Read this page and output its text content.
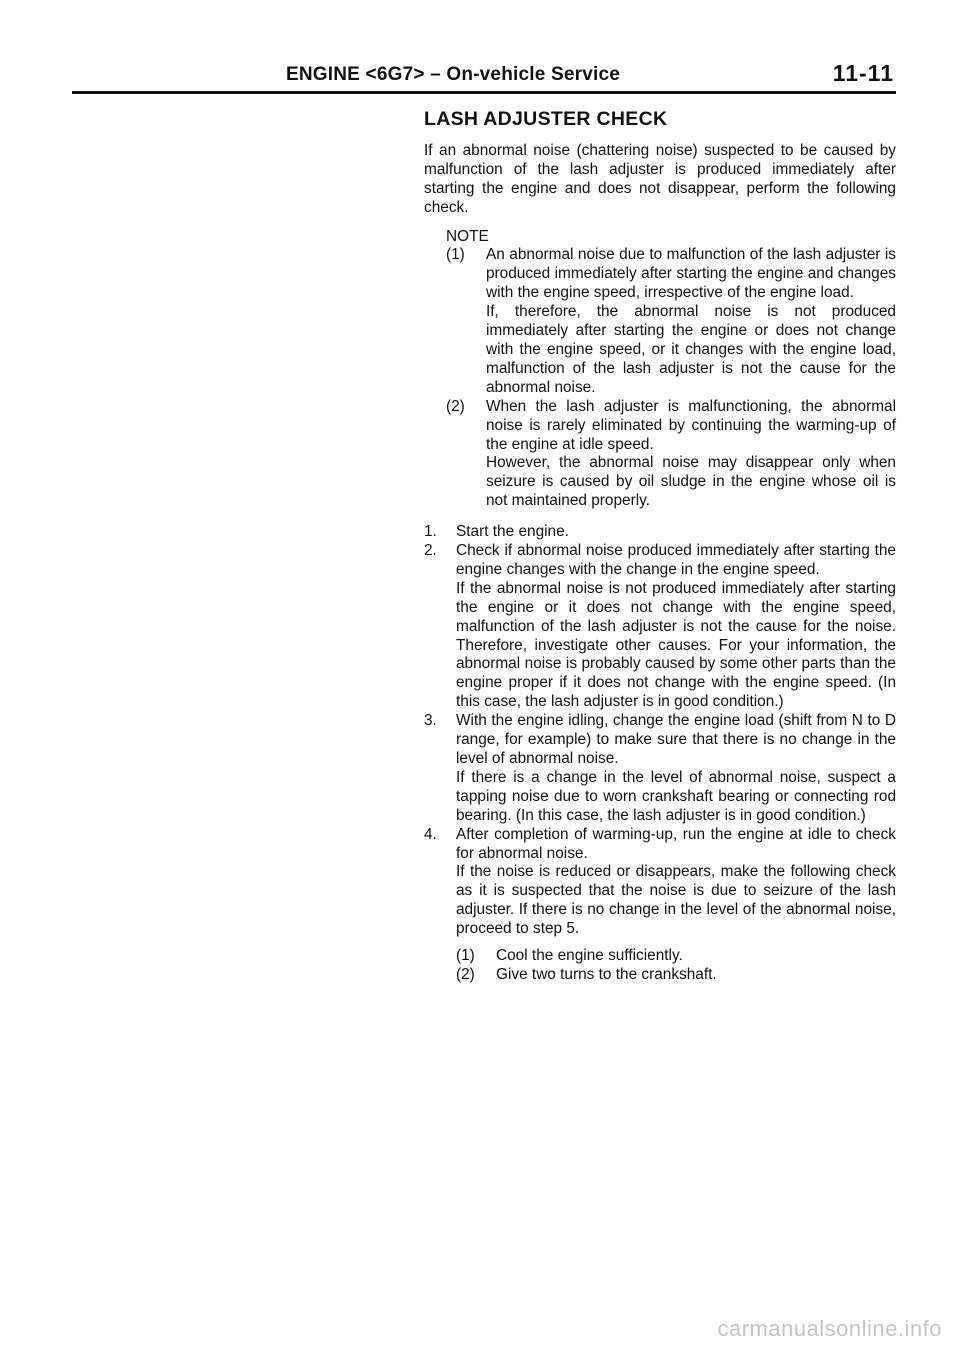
ENGINE <6G7> – On-vehicle Service	11-11
LASH ADJUSTER CHECK

If an abnormal noise (chattering noise) suspected to be caused by malfunction of the lash adjuster is produced immediately after starting the engine and does not disappear, perform the following check.

NOTE

(1)	An abnormal noise due to malfunction of the lash adjuster is produced immediately after starting the engine and changes with the engine speed, irrespective of the engine load.

If, therefore, the abnormal noise is not produced immediately after starting the engine or does not change with the engine speed, or it changes with the engine load, malfunction of the lash adjuster is not the cause for the abnormal noise.

(2)	When the lash adjuster is malfunctioning, the abnormal noise is rarely eliminated by continuing the warming-up of the engine at idle speed.

However, the abnormal noise may disappear only when seizure is caused by oil sludge in the engine whose oil is not maintained properly.

1.	Start the engine.

2.	Check if abnormal noise produced immediately after starting the engine changes with the change in the engine speed.

If the abnormal noise is not produced immediately after starting the engine or it does not change with the engine speed, malfunction of the lash adjuster is not the cause for the noise. Therefore, investigate other causes. For your information, the abnormal noise is probably caused by some other parts than the engine proper if it does not change with the engine speed. (In this case, the lash adjuster is in good condition.)

3.	With the engine idling, change the engine load (shift from N to D range, for example) to make sure that there is no change in the level of abnormal noise.

If there is a change in the level of abnormal noise, suspect a tapping noise due to worn crankshaft bearing or connecting rod bearing. (In this case, the lash adjuster is in good condition.)

4.	After completion of warming-up, run the engine at idle to check for abnormal noise.

If the noise is reduced or disappears, make the following check as it is suspected that the noise is due to seizure of the lash adjuster. If there is no change in the level of the abnormal noise, proceed to step 5.

(1)	Cool the engine sufficiently.
(2)	Give two turns to the crankshaft.
carmanualsonline.info
